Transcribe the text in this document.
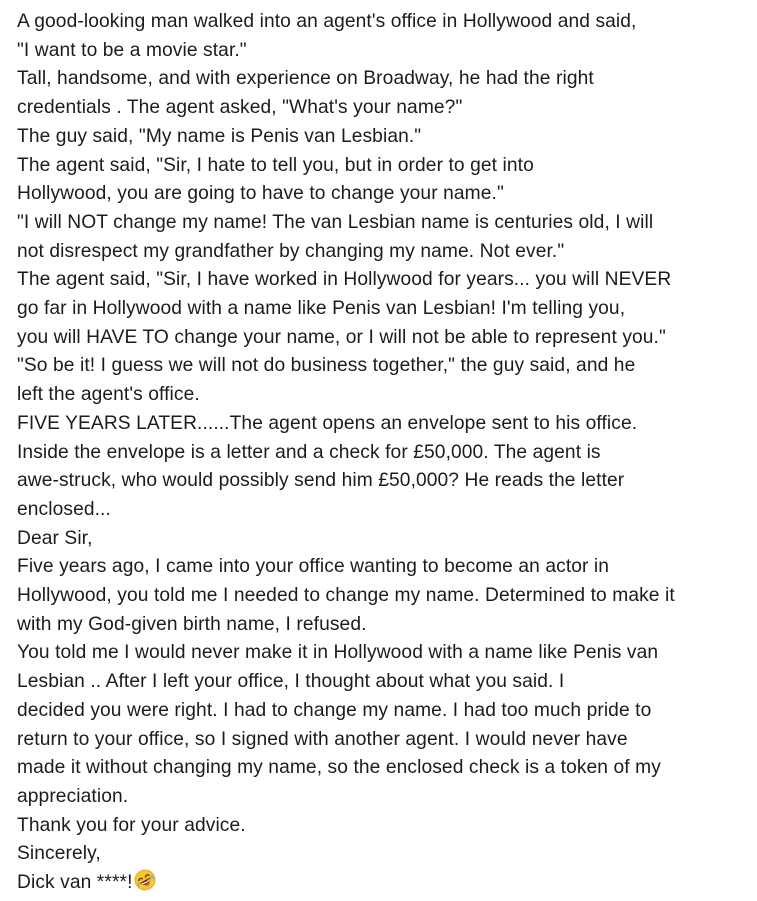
A good-looking man walked into an agent's office in Hollywood and said,
"I want to be a movie star."
Tall, handsome, and with experience on Broadway, he had the right
credentials . The agent asked, "What's your name?"
The guy said, "My name is Penis van Lesbian."
The agent said, "Sir, I hate to tell you, but in order to get into
Hollywood, you are going to have to change your name."
"I will NOT change my name! The van Lesbian name is centuries old, I will
not disrespect my grandfather by changing my name. Not ever."
The agent said, "Sir, I have worked in Hollywood for years... you will NEVER
go far in Hollywood with a name like Penis van Lesbian! I'm telling you,
you will HAVE TO change your name, or I will not be able to represent you."
"So be it! I guess we will not do business together," the guy said, and he
left the agent's office.
FIVE YEARS LATER......The agent opens an envelope sent to his office.
Inside the envelope is a letter and a check for £50,000. The agent is
awe-struck, who would possibly send him £50,000? He reads the letter
enclosed...
Dear Sir,
Five years ago, I came into your office wanting to become an actor in
Hollywood, you told me I needed to change my name. Determined to make it
with my God-given birth name, I refused.
You told me I would never make it in Hollywood with a name like Penis van
Lesbian .. After I left your office, I thought about what you said. I
decided you were right. I had to change my name. I had too much pride to
return to your office, so I signed with another agent. I would never have
made it without changing my name, so the enclosed check is a token of my
appreciation.
Thank you for your advice.
Sincerely,
Dick van ****!
